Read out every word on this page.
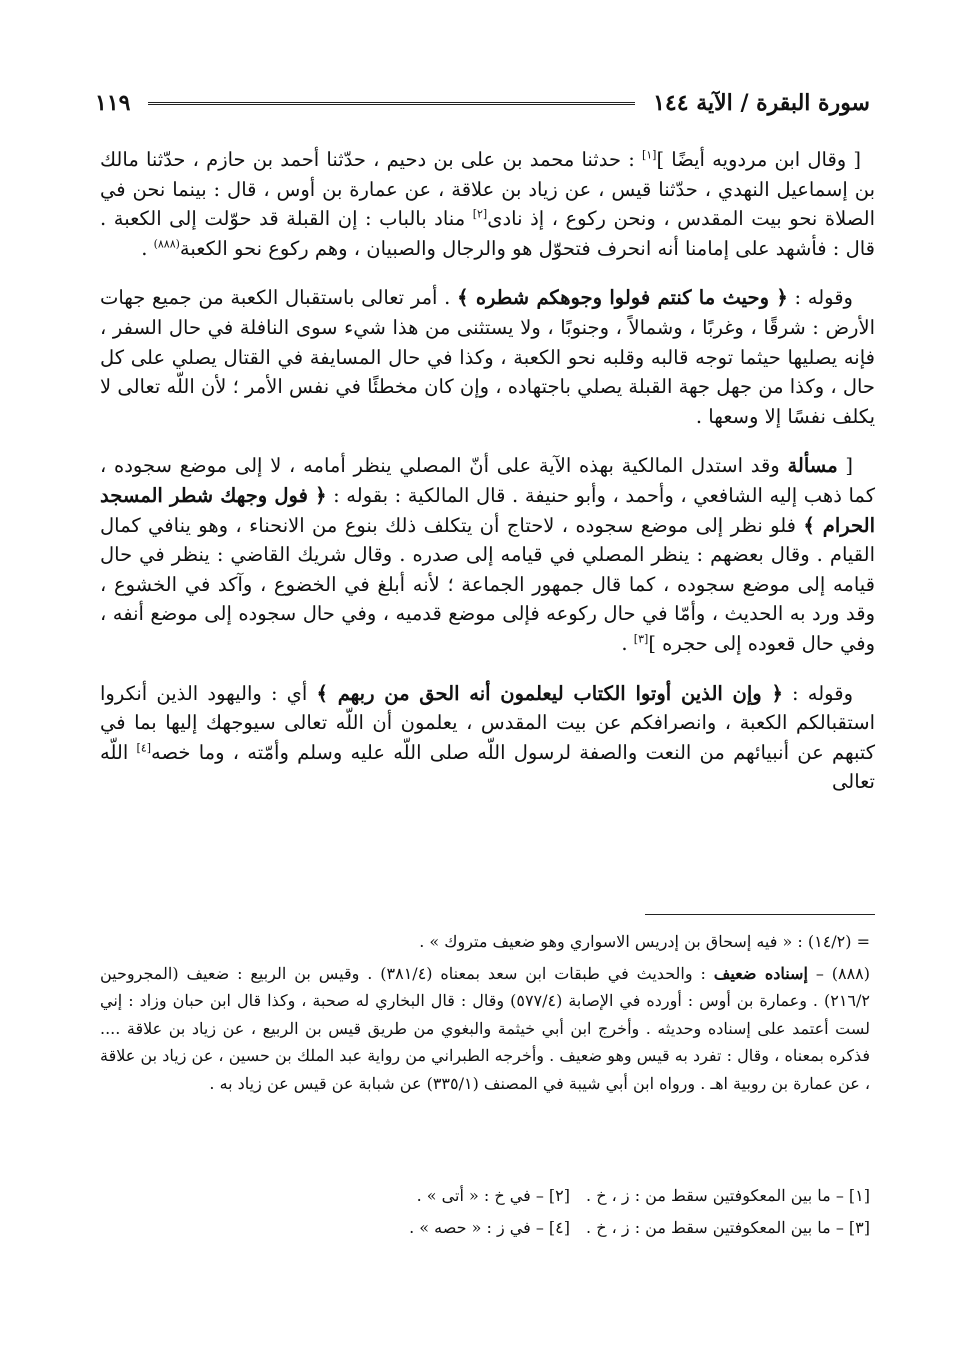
سورة البقرة / الآية ١٤٤
١١٩

[ وقال ابن مردويه أيضًا ][١] : حدثنا محمد بن على بن دحيم ، حدّثنا أحمد بن حازم ، حدّثنا مالك بن إسماعيل النهدي ، حدّثنا قيس ، عن زياد بن علاقة ، عن عمارة بن أوس ، قال : بينما نحن في الصلاة نحو بيت المقدس ، ونحن ركوع ، إذ نادى[٢] مناد بالباب : إن القبلة قد حوّلت إلى الكعبة . قال : فأشهد على إمامنا أنه انحرف فتحوّل هو والرجال والصبيان ، وهم ركوع نحو الكعبة$^{(٨٨٨)}$ .

وقوله : ﴿ وحيث ما كنتم فولوا وجوهكم شطره ﴾ . أمر تعالى باستقبال الكعبة من جميع جهات الأرض : شرقًا ، وغربًا ، وشمالاً ، وجنوبًا ، ولا يستثنى من هذا شيء سوى النافلة في حال السفر ، فإنه يصليها حيثما توجه قالبه وقلبه نحو الكعبة ، وكذا في حال المسايفة في القتال يصلي على كل حال ، وكذا من جهل جهة القبلة يصلي باجتهاده ، وإن كان مخطئًا في نفس الأمر ؛ لأن اللّه تعالى لا يكلف نفسًا إلا وسعها .

[ مسألة وقد استدل المالكية بهذه الآية على أنّ المصلي ينظر أمامه ، لا إلى موضع سجوده ، كما ذهب إليه الشافعي ، وأحمد ، وأبو حنيفة . قال المالكية : بقوله : ﴿ فول وجهك شطر المسجد الحرام ﴾ فلو نظر إلى موضع سجوده ، لاحتاج أن يتكلف ذلك بنوع من الانحناء ، وهو ينافي كمال القيام . وقال بعضهم : ينظر المصلي في قيامه إلى صدره . وقال شريك القاضي : ينظر في حال قيامه إلى موضع سجوده ، كما قال جمهور الجماعة ؛ لأنه أبلغ في الخضوع ، وآكد في الخشوع ، وقد ورد به الحديث ، وأمّا في حال ركوعه فإلى موضع قدميه ، وفي حال سجوده إلى موضع أنفه ، وفي حال قعوده إلى حجره ][٣] .

وقوله : ﴿ وإن الذين أوتوا الكتاب ليعلمون أنه الحق من ربهم ﴾ أي : واليهود الذين أنكروا استقبالكم الكعبة ، وانصرافكم عن بيت المقدس ، يعلمون أن اللّه تعالى سيوجهك إليها بما في كتبهم عن أنبيائهم من النعت والصفة لرسول اللّه صلى اللّه عليه وسلم وأمّته ، وما خصه[٤] اللّه تعالى

= (١٤/٢) : « فيه إسحاق بن إدريس الاسواري وهو ضعيف متروك » .

(٨٨٨) – إسناده ضعيف : والحديث في طبقات ابن سعد بمعناه (٣٨١/٤) . وقيس بن الربيع : ضعيف (المجروحين ٢١٦/٢) . وعمارة بن أوس : أورده في الإصابة (٥٧٧/٤) وقال : قال البخاري له صحبة ، وكذا قال ابن حبان وزاد : إني لست أعتمد على إسناده وحديثه . وأخرج ابن أبي خيثمة والبغوي من طريق قيس بن الربيع ، عن زياد بن علاقة .... فذكره بمعناه ، وقال : تفرد به قيس وهو ضعيف . وأخرجه الطبراني من رواية عبد الملك بن حسين ، عن زياد بن علاقة ، عن عمارة بن روبية اهـ . ورواه ابن أبي شيبة في المصنف (٣٣٥/١) عن شبابة عن قيس عن زياد به .

[١] – ما بين المعكوفتين سقط من : ز ، خ .
[٢] – في خ : « أتى » .
[٣] – ما بين المعكوفتين سقط من : ز ، خ .
[٤] – في ز : « حصه » .
